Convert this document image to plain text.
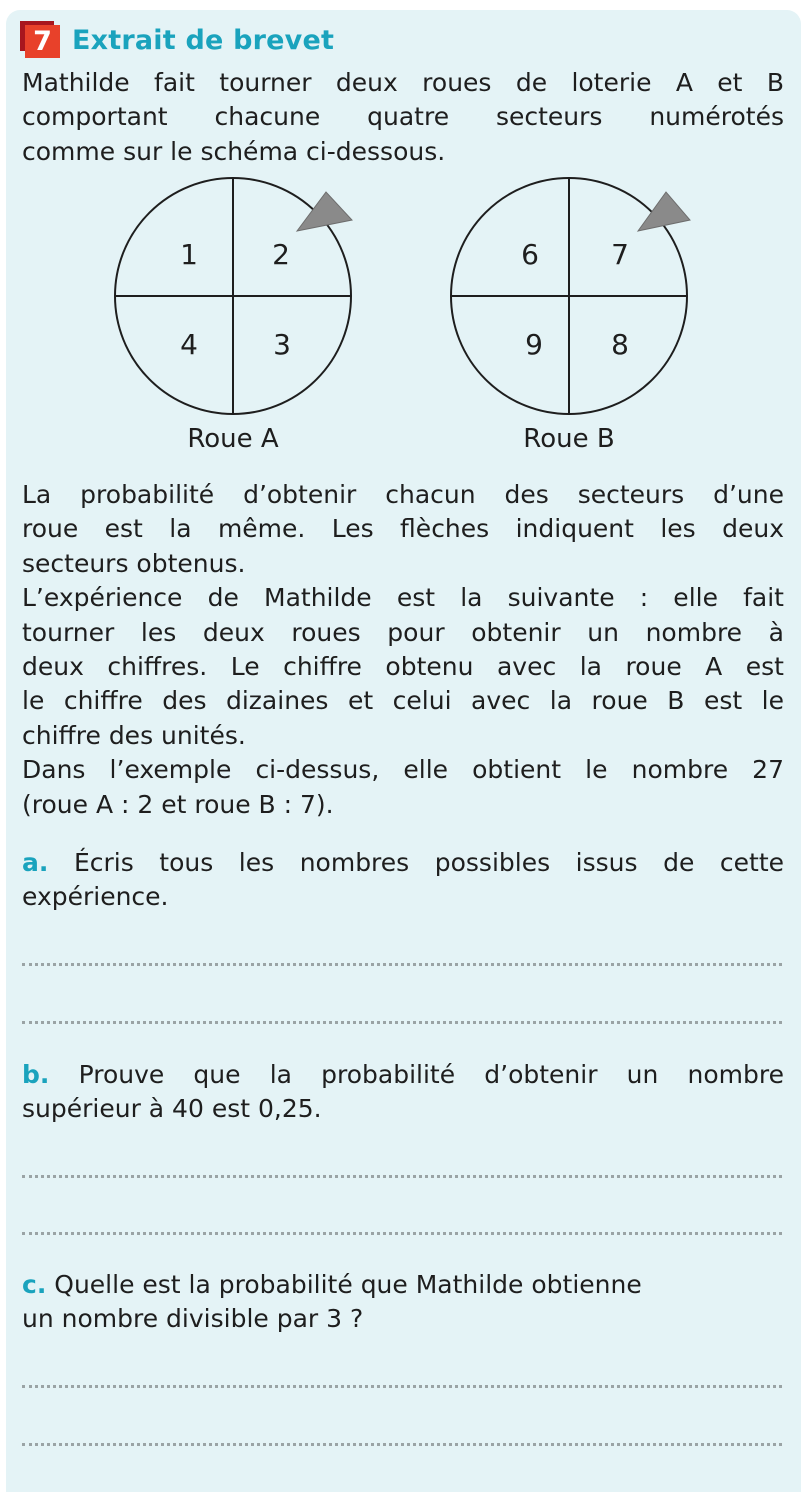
7 Extrait de brevet
Mathilde fait tourner deux roues de loterie A et B
comportant chacune quatre secteurs numérotés
comme sur le schéma ci-dessous.
1	2
4	3
Roue A
6	7
9 8
Roue B
La probabilité d’obtenir chacun des secteurs d’une
roue est la même. Les flèches indiquent les deux
secteurs obtenus.
L’expérience de Mathilde est la suivante : elle fait
tourner les deux roues pour obtenir un nombre à
deux chiffres. Le chiffre obtenu avec la roue A est
le chiffre des dizaines et celui avec la roue B est le
chiffre des unités.
Dans l’exemple ci-dessus, elle obtient le nombre 27
(roue A : 2 et roue B : 7).
a. Écris tous les nombres possibles issus de cette
expérience.
b. Prouve que la probabilité d’obtenir un nombre
supérieur à 40 est 0,25.
c. Quelle est la probabilité que Mathilde obtienne
un nombre divisible par 3 ?
